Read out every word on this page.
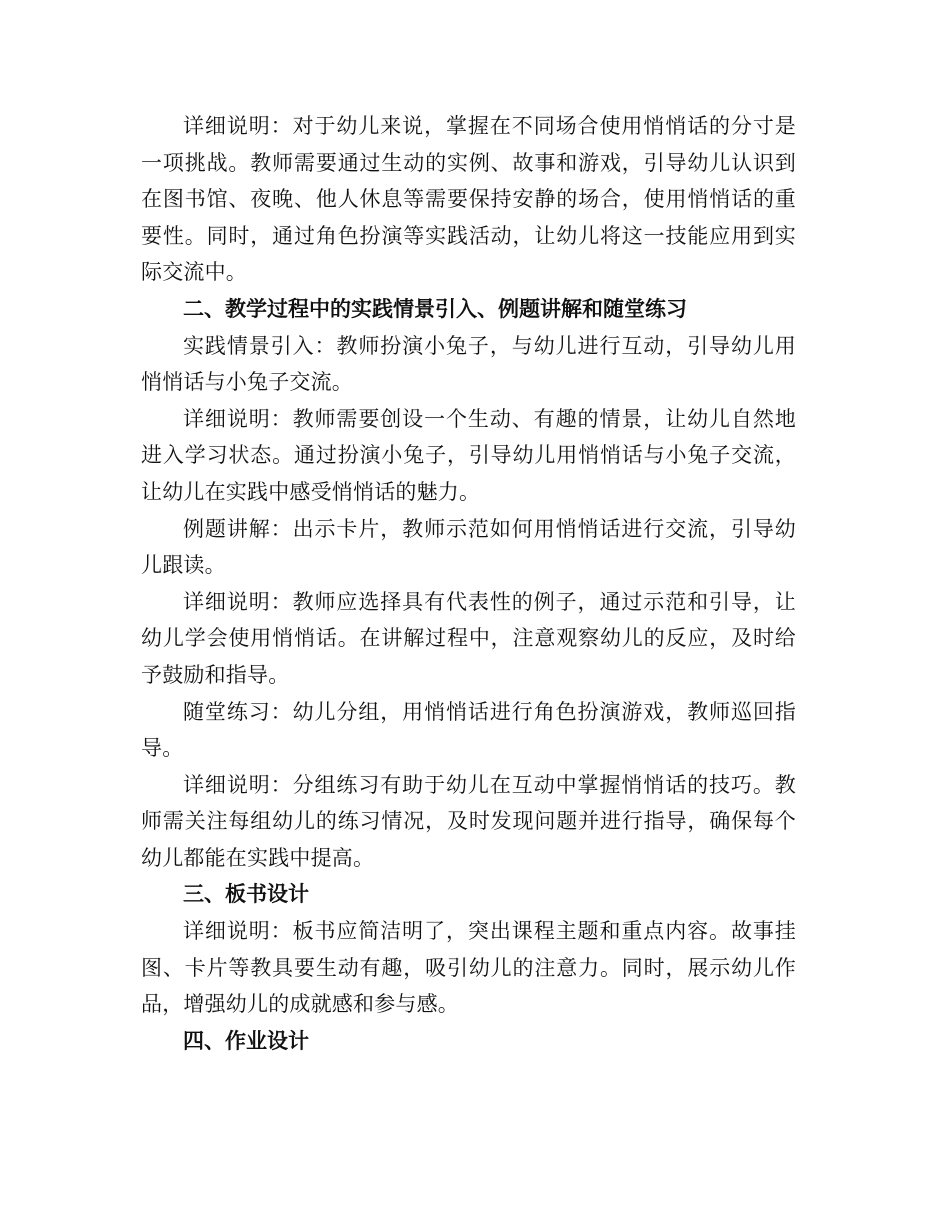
详细说明：对于幼儿来说，掌握在不同场合使用悄悄话的分寸是一项挑战。教师需要通过生动的实例、故事和游戏，引导幼儿认识到在图书馆、夜晚、他人休息等需要保持安静的场合，使用悄悄话的重要性。同时，通过角色扮演等实践活动，让幼儿将这一技能应用到实际交流中。

二、教学过程中的实践情景引入、例题讲解和随堂练习

实践情景引入：教师扮演小兔子，与幼儿进行互动，引导幼儿用悄悄话与小兔子交流。

详细说明：教师需要创设一个生动、有趣的情景，让幼儿自然地进入学习状态。通过扮演小兔子，引导幼儿用悄悄话与小兔子交流，让幼儿在实践中感受悄悄话的魅力。

例题讲解：出示卡片，教师示范如何用悄悄话进行交流，引导幼儿跟读。

详细说明：教师应选择具有代表性的例子，通过示范和引导，让幼儿学会使用悄悄话。在讲解过程中，注意观察幼儿的反应，及时给予鼓励和指导。

随堂练习：幼儿分组，用悄悄话进行角色扮演游戏，教师巡回指导。

详细说明：分组练习有助于幼儿在互动中掌握悄悄话的技巧。教师需关注每组幼儿的练习情况，及时发现问题并进行指导，确保每个幼儿都能在实践中提高。

三、板书设计

详细说明：板书应简洁明了，突出课程主题和重点内容。故事挂图、卡片等教具要生动有趣，吸引幼儿的注意力。同时，展示幼儿作品，增强幼儿的成就感和参与感。

四、作业设计
